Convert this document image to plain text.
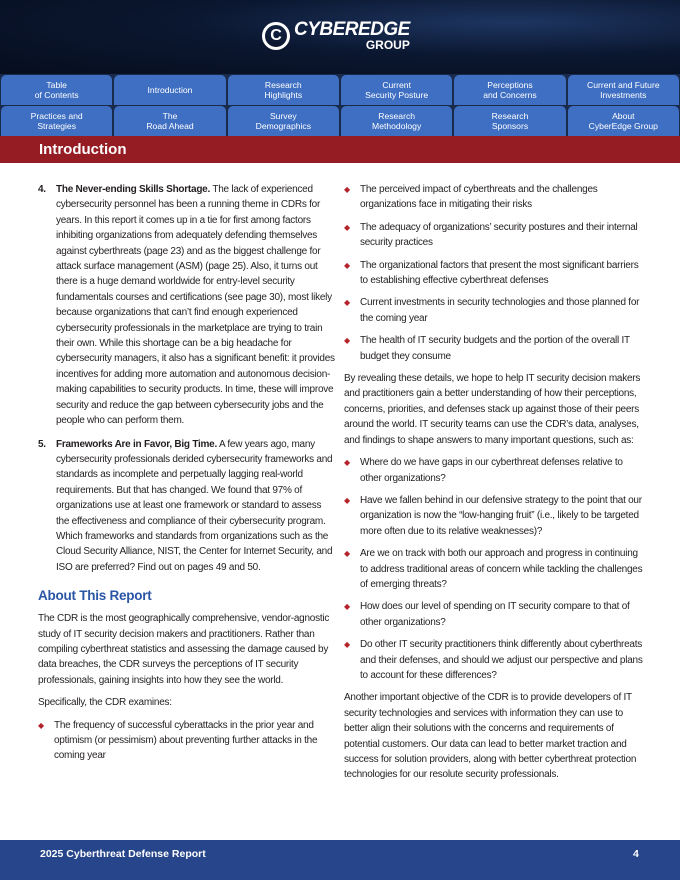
C CYBEREDGE
GROUP
Table
of Contents
Introduction
Research
Highlights
Current
Security Posture
Perceptions
and Concerns
Current and Future
Investments
Practices and
Strategies
The
Road Ahead
Survey
Demographics
Research
Methodology
Research
Sponsors
About
CyberEdge Group
Introduction
4.	The Never-ending Skills Shortage. The lack of experienced cybersecurity personnel has been a running theme in CDRs for years. In this report it comes up in a tie for first among factors inhibiting organizations from adequately defending themselves against cyberthreats (page 23) and as the biggest challenge for attack surface management (ASM) (page 25). Also, it turns out there is a huge demand worldwide for entry-level security fundamentals courses and certifications (see page 30), most likely because organizations that can’t find enough experienced cybersecurity professionals in the marketplace are trying to train their own. While this shortage can be a big headache for cybersecurity managers, it also has a significant benefit: it provides incentives for adding more automation and autonomous decision-making capabilities to security products. In time, these will improve security and reduce the gap between cybersecurity jobs and the people who can perform them.
5.	Frameworks Are in Favor, Big Time. A few years ago, many cybersecurity professionals derided cybersecurity frameworks and standards as incomplete and perpetually lagging real-world requirements. But that has changed. We found that 97% of organizations use at least one framework or standard to assess the effectiveness and compliance of their cybersecurity program. Which frameworks and standards from organizations such as the Cloud Security Alliance, NIST, the Center for Internet Security, and ISO are preferred? Find out on pages 49 and 50.
About This Report

The CDR is the most geographically comprehensive, vendor-agnostic study of IT security decision makers and practitioners. Rather than compiling cyberthreat statistics and assessing the damage caused by data breaches, the CDR surveys the perceptions of IT security professionals, gaining insights into how they see the world.

Specifically, the CDR examines:

◆	The frequency of successful cyberattacks in the prior year and optimism (or pessimism) about preventing further attacks in the coming year
◆	The perceived impact of cyberthreats and the challenges organizations face in mitigating their risks
◆	The adequacy of organizations’ security postures and their internal security practices
◆	The organizational factors that present the most significant barriers to establishing effective cyberthreat defenses
◆	Current investments in security technologies and those planned for the coming year
◆	The health of IT security budgets and the portion of the overall IT budget they consume

By revealing these details, we hope to help IT security decision makers and practitioners gain a better understanding of how their perceptions, concerns, priorities, and defenses stack up against those of their peers around the world. IT security teams can use the CDR’s data, analyses, and findings to shape answers to many important questions, such as:

◆	Where do we have gaps in our cyberthreat defenses relative to other organizations?
◆	Have we fallen behind in our defensive strategy to the point that our organization is now the “low-hanging fruit” (i.e., likely to be targeted more often due to its relative weaknesses)?
◆	Are we on track with both our approach and progress in continuing to address traditional areas of concern while tackling the challenges of emerging threats?
◆	How does our level of spending on IT security compare to that of other organizations?
◆	Do other IT security practitioners think differently about cyberthreats and their defenses, and should we adjust our perspective and plans to account for these differences?

Another important objective of the CDR is to provide developers of IT security technologies and services with information they can use to better align their solutions with the concerns and requirements of potential customers. Our data can lead to better market traction and success for solution providers, along with better cyberthreat protection technologies for our resolute security professionals.

2025 Cyberthreat Defense Report	4
